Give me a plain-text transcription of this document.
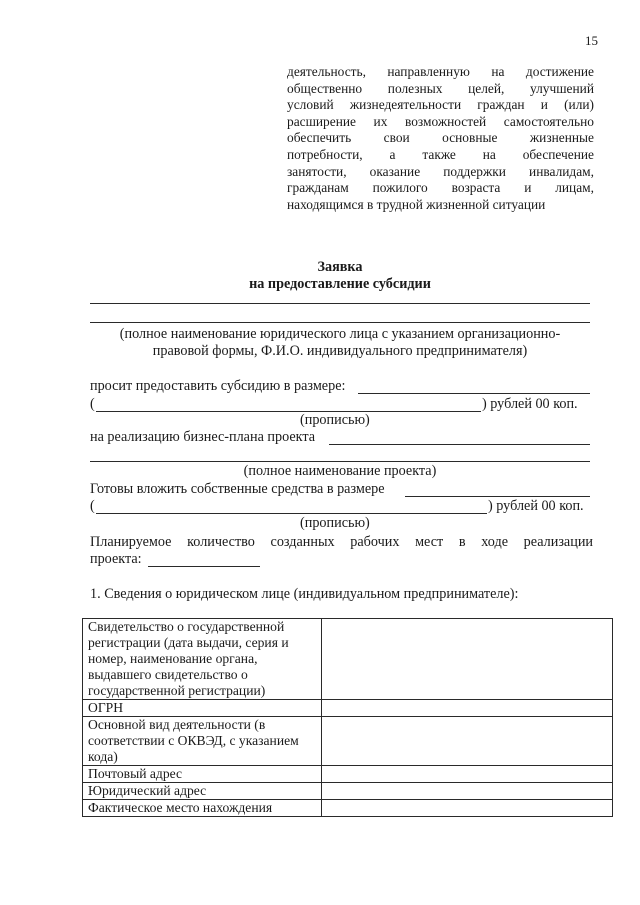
15
деятельность, направленную на достижение
общественно полезных целей, улучшений
условий жизнедеятельности граждан и (или)
расширение их возможностей самостоятельно
обеспечить свои основные жизненные
потребности, а также на обеспечение
занятости, оказание поддержки инвалидам,
гражданам пожилого возраста и лицам,
находящимся в трудной жизненной ситуации
Заявка
на предоставление субсидии
(полное наименование юридического лица с указанием организационно-
правовой формы, Ф.И.О. индивидуального предпринимателя)
просит предоставить субсидию в размере:
(	) рублей 00 коп.
(прописью)
на реализацию бизнес-плана проекта
(полное наименование проекта)
Готовы вложить собственные средства в размере
(	) рублей 00 коп.
(прописью)
Планируемое количество созданных рабочих мест в ходе реализации
проекта:
1. Сведения о юридическом лице (индивидуальном предпринимателе):
Свидетельство о государственной регистрации (дата выдачи, серия и номер, наименование органа, выдавшего свидетельство о государственной регистрации)	
ОГРН	
Основной вид деятельности (в соответствии с ОКВЭД, с указанием кода)	
Почтовый адрес	
Юридический адрес	
Фактическое место нахождения	
